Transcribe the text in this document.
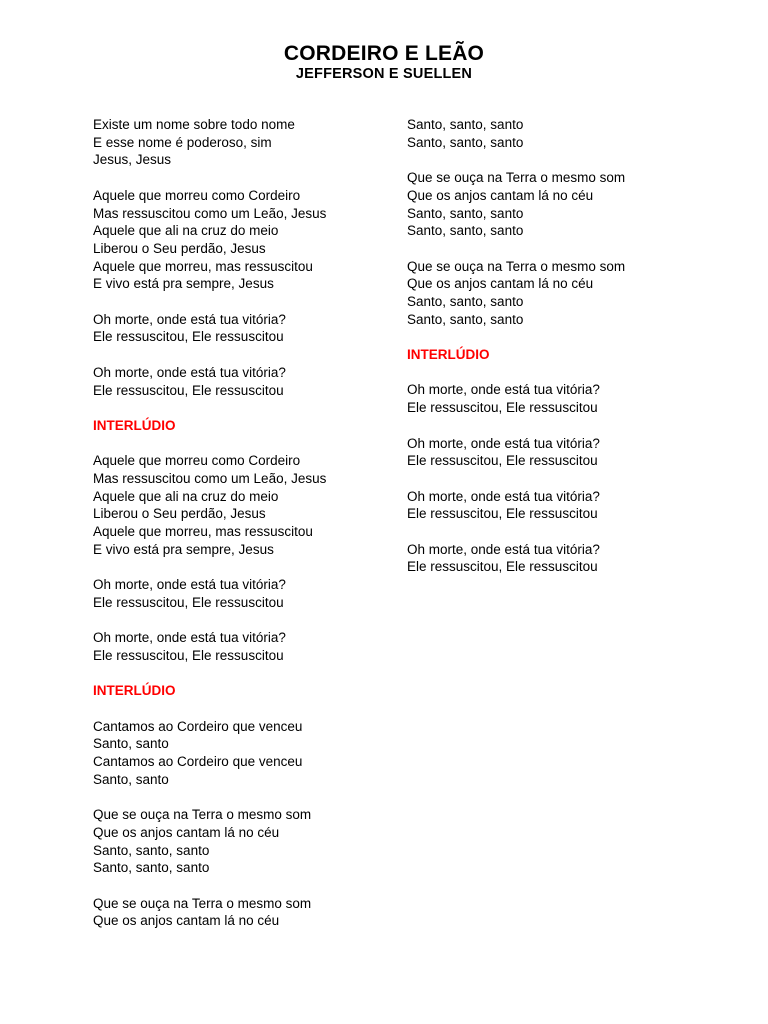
CORDEIRO E LEÃO
JEFFERSON E SUELLEN
Existe um nome sobre todo nome
E esse nome é poderoso, sim
Jesus, Jesus
Aquele que morreu como Cordeiro
Mas ressuscitou como um Leão, Jesus
Aquele que ali na cruz do meio
Liberou o Seu perdão, Jesus
Aquele que morreu, mas ressuscitou
E vivo está pra sempre, Jesus
Oh morte, onde está tua vitória?
Ele ressuscitou, Ele ressuscitou
Oh morte, onde está tua vitória?
Ele ressuscitou, Ele ressuscitou
INTERLÚDIO
Aquele que morreu como Cordeiro
Mas ressuscitou como um Leão, Jesus
Aquele que ali na cruz do meio
Liberou o Seu perdão, Jesus
Aquele que morreu, mas ressuscitou
E vivo está pra sempre, Jesus
Oh morte, onde está tua vitória?
Ele ressuscitou, Ele ressuscitou
Oh morte, onde está tua vitória?
Ele ressuscitou, Ele ressuscitou
INTERLÚDIO
Cantamos ao Cordeiro que venceu
Santo, santo
Cantamos ao Cordeiro que venceu
Santo, santo
Que se ouça na Terra o mesmo som
Que os anjos cantam lá no céu
Santo, santo, santo
Santo, santo, santo
Que se ouça na Terra o mesmo som
Que os anjos cantam lá no céu
Santo, santo, santo
Santo, santo, santo
Que se ouça na Terra o mesmo som
Que os anjos cantam lá no céu
Santo, santo, santo
Santo, santo, santo
Que se ouça na Terra o mesmo som
Que os anjos cantam lá no céu
Santo, santo, santo
Santo, santo, santo
INTERLÚDIO
Oh morte, onde está tua vitória?
Ele ressuscitou, Ele ressuscitou
Oh morte, onde está tua vitória?
Ele ressuscitou, Ele ressuscitou
Oh morte, onde está tua vitória?
Ele ressuscitou, Ele ressuscitou
Oh morte, onde está tua vitória?
Ele ressuscitou, Ele ressuscitou
